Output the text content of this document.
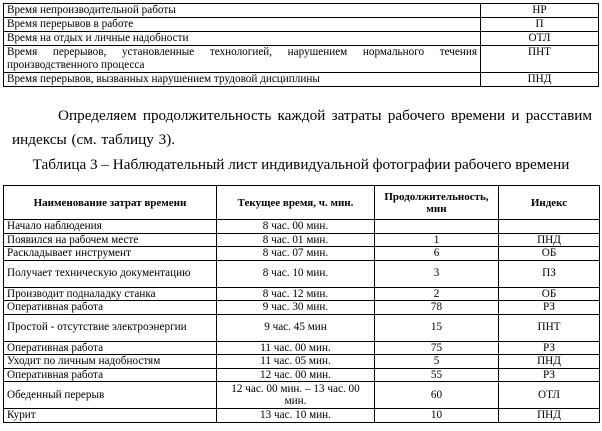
Время непроизводительной работы	НР
Время перерывов в работе	П
Время на отдых и личные надобности	ОТЛ
Время перерывов, установленные технологией, нарушением нормального течения производственного процесса	ПНТ
Время перерывов, вызванных нарушением трудовой дисциплины	ПНД

Определяем продолжительность каждой затраты рабочего времени и расставим индексы (см. таблицу 3).

Таблица 3 – Наблюдательный лист индивидуальной фотографии рабочего времени

Наименование затрат времени	Текущее время, ч. мин.	Продолжительность, мин	Индекс
Начало наблюдения	8 час. 00 мин.		
Появился на рабочем месте	8 час. 01 мин.	1	ПНД
Раскладывает инструмент	8 час. 07 мин.	6	ОБ
Получает техническую документацию	8 час. 10 мин.	3	ПЗ
Производит подналадку станка	8 час. 12 мин.	2	ОБ
Оперативная работа	9 час. 30 мин.	78	РЗ
Простой - отсутствие электроэнергии	9 час. 45 мин	15	ПНТ
Оперативная работа	11 час. 00 мин.	75	РЗ
Уходит по личным надобностям	11 час. 05 мин.	5	ПНД
Оперативная работа	12 час. 00 мин.	55	РЗ
Обеденный перерыв	12 час. 00 мин. – 13 час. 00 мин.	60	ОТЛ
Курит	13 час. 10 мин.	10	ПНД
